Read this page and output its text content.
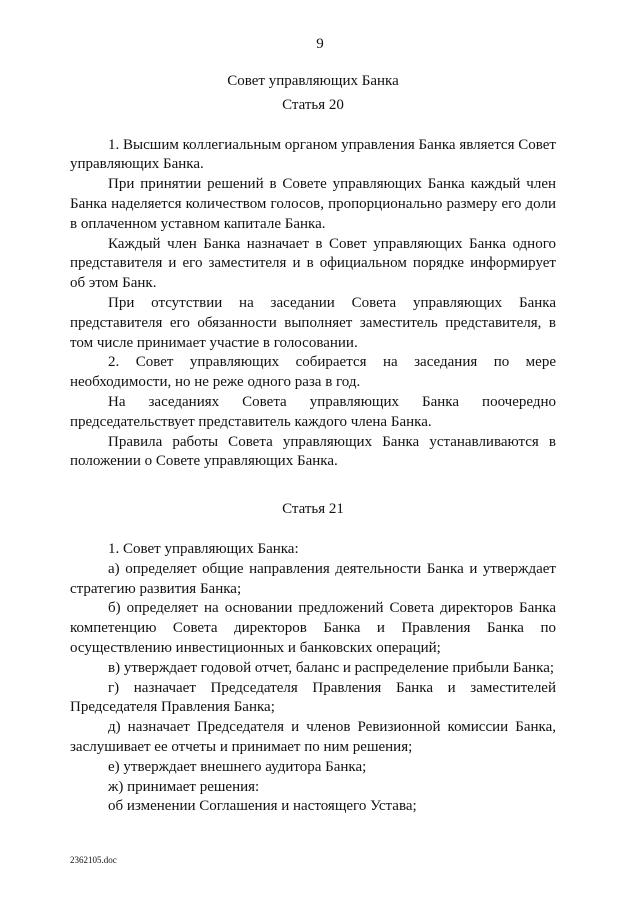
9

Совет управляющих Банка

Статья 20

1. Высшим коллегиальным органом управления Банка является Совет управляющих Банка.

При принятии решений в Совете управляющих Банка каждый член Банка наделяется количеством голосов, пропорционально размеру его доли в оплаченном уставном капитале Банка.

Каждый член Банка назначает в Совет управляющих Банка одного представителя и его заместителя и в официальном порядке информирует об этом Банк.

При отсутствии на заседании Совета управляющих Банка представителя его обязанности выполняет заместитель представителя, в том числе принимает участие в голосовании.

2. Совет управляющих собирается на заседания по мере необходимости, но не реже одного раза в год.

На заседаниях Совета управляющих Банка поочередно председательствует представитель каждого члена Банка.

Правила работы Совета управляющих Банка устанавливаются в положении о Совете управляющих Банка.

Статья 21

1. Совет управляющих Банка:

а) определяет общие направления деятельности Банка и утверждает стратегию развития Банка;

б) определяет на основании предложений Совета директоров Банка компетенцию Совета директоров Банка и Правления Банка по осуществлению инвестиционных и банковских операций;

в) утверждает годовой отчет, баланс и распределение прибыли Банка;

г) назначает Председателя Правления Банка и заместителей Председателя Правления Банка;

д) назначает Председателя и членов Ревизионной комиссии Банка, заслушивает ее отчеты и принимает по ним решения;

е) утверждает внешнего аудитора Банка;

ж) принимает решения:

об изменении Соглашения и настоящего Устава;

2362105.doc
